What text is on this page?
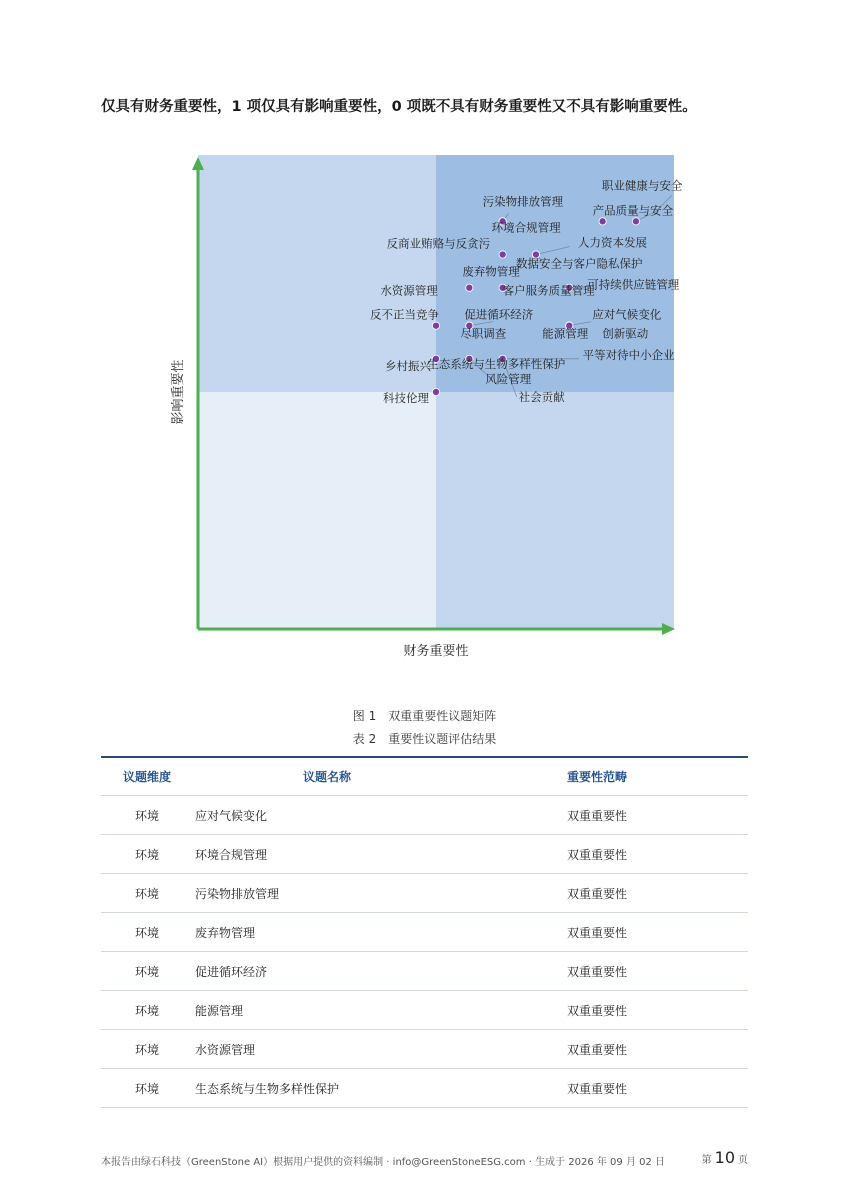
仅具有财务重要性，1 项仅具有影响重要性，0 项既不具有财务重要性又不具有影响重要性。
职业健康与安全
产品质量与安全
污染物排放管理
环境合规管理
人力资本发展
反商业贿赂与反贪污
数据安全与客户隐私保护
废弃物管理
可持续供应链管理
水资源管理	客户服务质量管理
反不正当竞争 促进循环经济	应对气候变化
尽职调查	能源管理 创新驱动
平等对待中小企业
乡村振兴
生态系统与生物多样性保护
风险管理
社会贡献
科技伦理
财务重要性
影响重要性
图 1 双重重要性议题矩阵
表 2 重要性议题评估结果
议题维度	议题名称	重要性范畴
环境	应对气候变化	双重重要性
环境	环境合规管理	双重重要性
环境	污染物排放管理	双重重要性
环境	废弃物管理	双重重要性
环境	促进循环经济	双重重要性
环境	能源管理	双重重要性
环境	水资源管理	双重重要性
环境	生态系统与生物多样性保护	双重重要性
本报告由绿石科技（GreenStone AI）根据用户提供的资料编制 · info@GreenStoneESG.com · 生成于 2026 年 09 月 02 日	第 10 页
